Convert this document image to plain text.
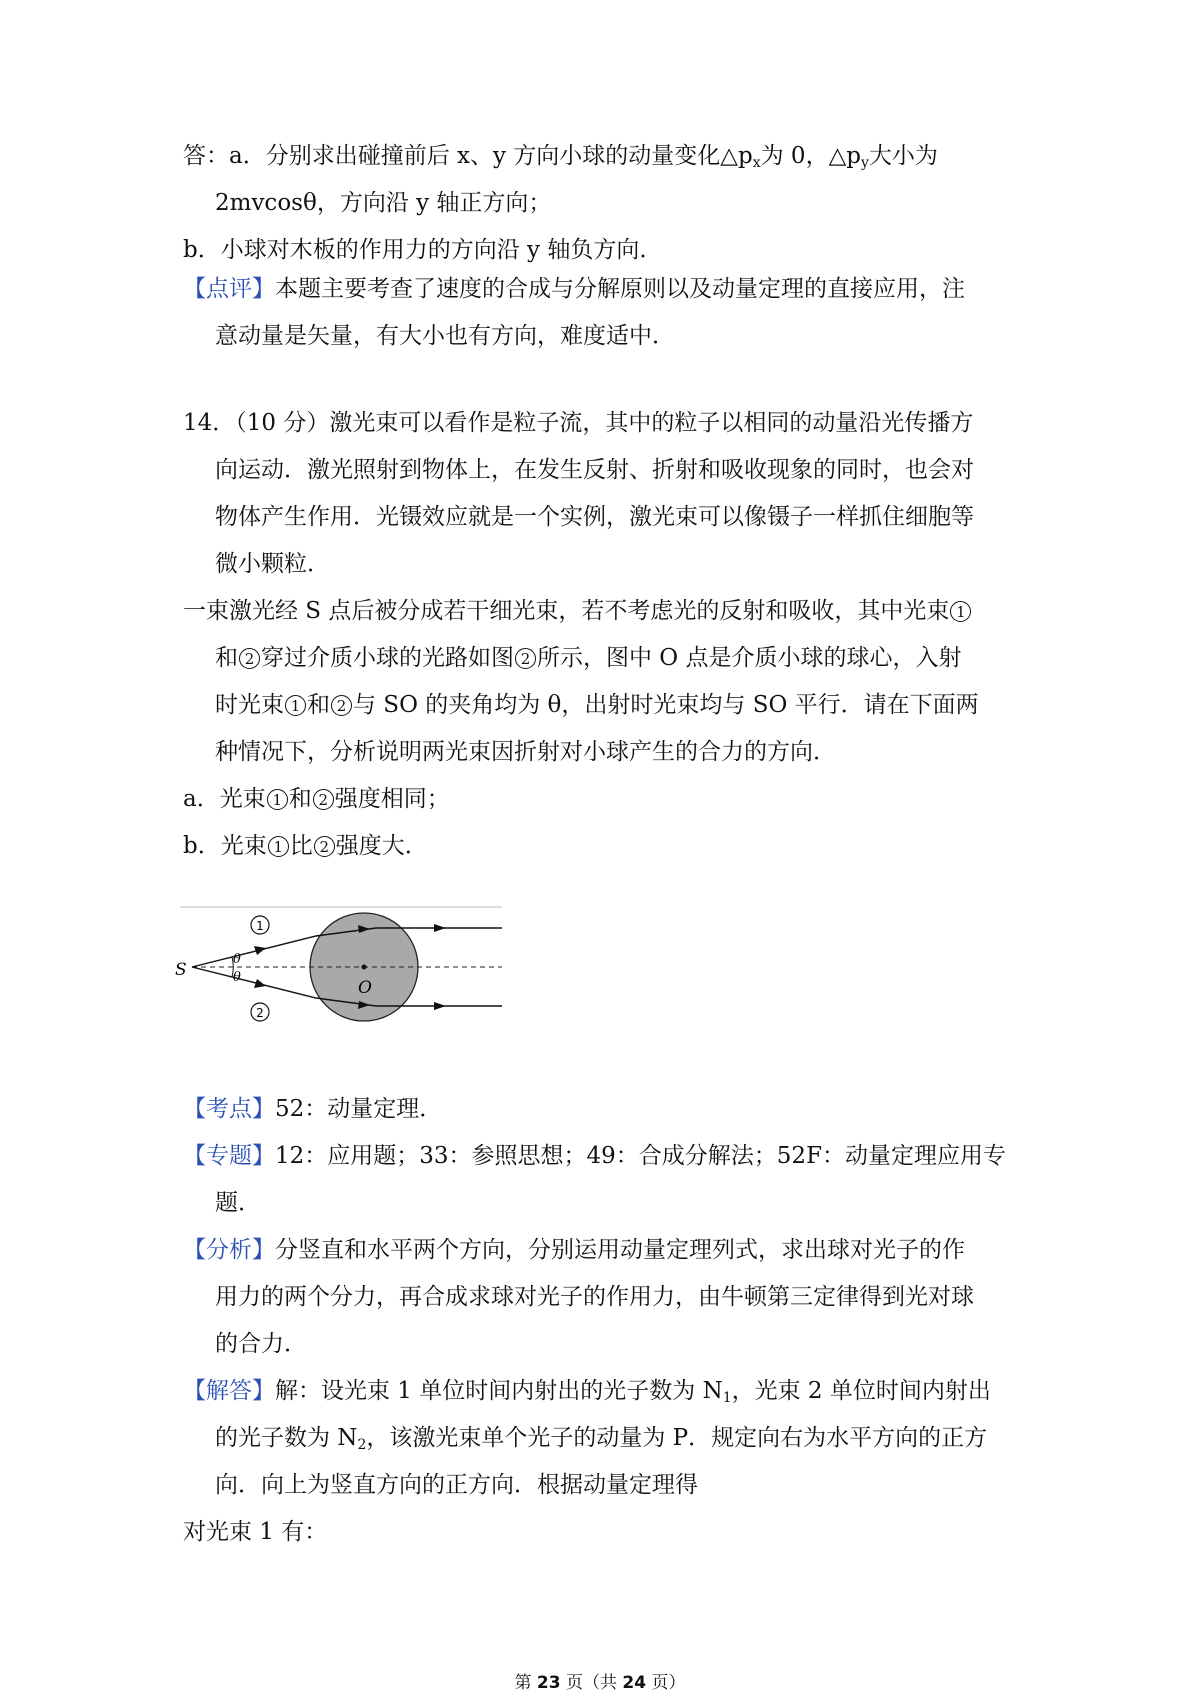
答：a．分别求出碰撞前后 x、y 方向小球的动量变化$\triangle p_x$为 0，$\triangle p_y$大小为
2mvcosθ，方向沿 y 轴正方向；
b．小球对木板的作用力的方向沿 y 轴负方向．
【点评】本题主要考查了速度的合成与分解原则以及动量定理的直接应用，注
意动量是矢量，有大小也有方向，难度适中．
14．（10 分）激光束可以看作是粒子流，其中的粒子以相同的动量沿光传播方
向运动．激光照射到物体上，在发生反射、折射和吸收现象的同时，也会对
物体产生作用．光镊效应就是一个实例，激光束可以像镊子一样抓住细胞等
微小颗粒．
一束激光经 S 点后被分成若干细光束，若不考虑光的反射和吸收，其中光束 1
和 2 穿过介质小球的光路如图 2 所示，图中 O 点是介质小球的球心，入射
时光束 1 和 2 与 SO 的夹角均为 θ，出射时光束均与 SO 平行．请在下面两
种情况下，分析说明两光束因折射对小球产生的合力的方向．
a．光束 1 和 2 强度相同；
b．光束 1 比 2 强度大．
S
O
θ
θ
1
2
【考点】52：动量定理．
【专题】12：应用题；33：参照思想；49：合成分解法；52F：动量定理应用专
题．
【分析】分竖直和水平两个方向，分别运用动量定理列式，求出球对光子的作
用力的两个分力，再合成求球对光子的作用力，由牛顿第三定律得到光对球
的合力．
【解答】解：设光束 1 单位时间内射出的光子数为 $N_1$，光束 2 单位时间内射出
的光子数为 $N_2$，该激光束单个光子的动量为 P．规定向右为水平方向的正方
向．向上为竖直方向的正方向．根据动量定理得
对光束 1 有：
第 23 页（共 24 页）
